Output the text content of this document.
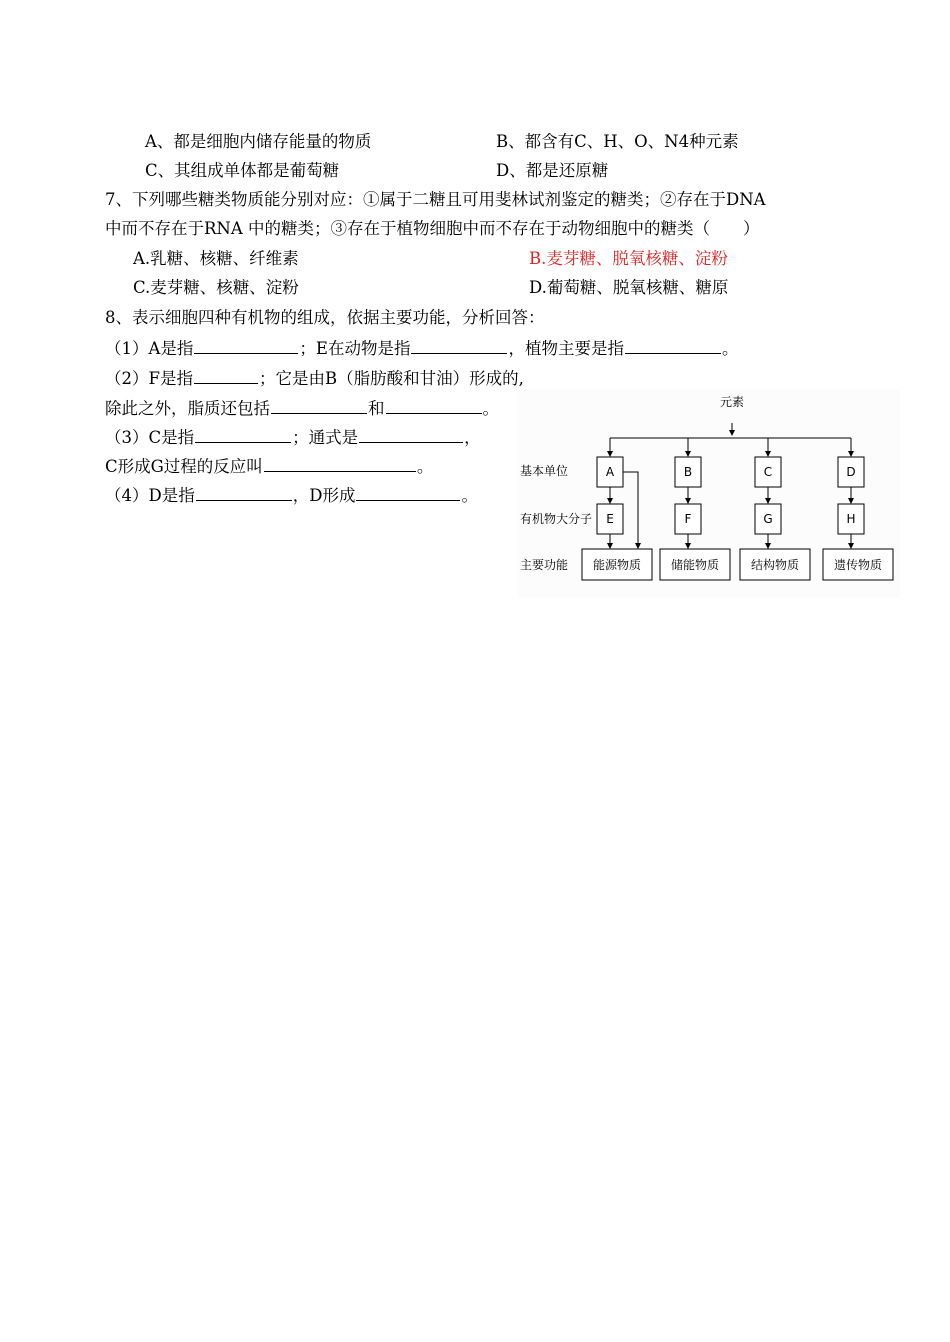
A、都是细胞内储存能量的物质	B、都含有C、H、O、N4种元素
C、其组成单体都是葡萄糖	D、都是还原糖
7、下列哪些糖类物质能分别对应：①属于二糖且可用斐林试剂鉴定的糖类；②存在于DNA
中而不存在于RNA 中的糖类；③存在于植物细胞中而不存在于动物细胞中的糖类（　　）
A.乳糖、核糖、纤维素	B.麦芽糖、脱氧核糖、淀粉
C.麦芽糖、核糖、淀粉	D.葡萄糖、脱氧核糖、糖原
8、表示细胞四种有机物的组成，依据主要功能，分析回答：
（1）A是指	；E在动物是指	，植物主要是指	。
（2）F是指	；它是由B（脂肪酸和甘油）形成的,
除此之外，脂质还包括	和	。
（3）C是指	；通式是	，
C形成G过程的反应叫	。
（4）D是指	，D形成	。
元素
A
E
能源物质
B
F
储能物质
C
G
结构物质
D
H
遗传物质
基本单位
有机物大分子
主要功能
